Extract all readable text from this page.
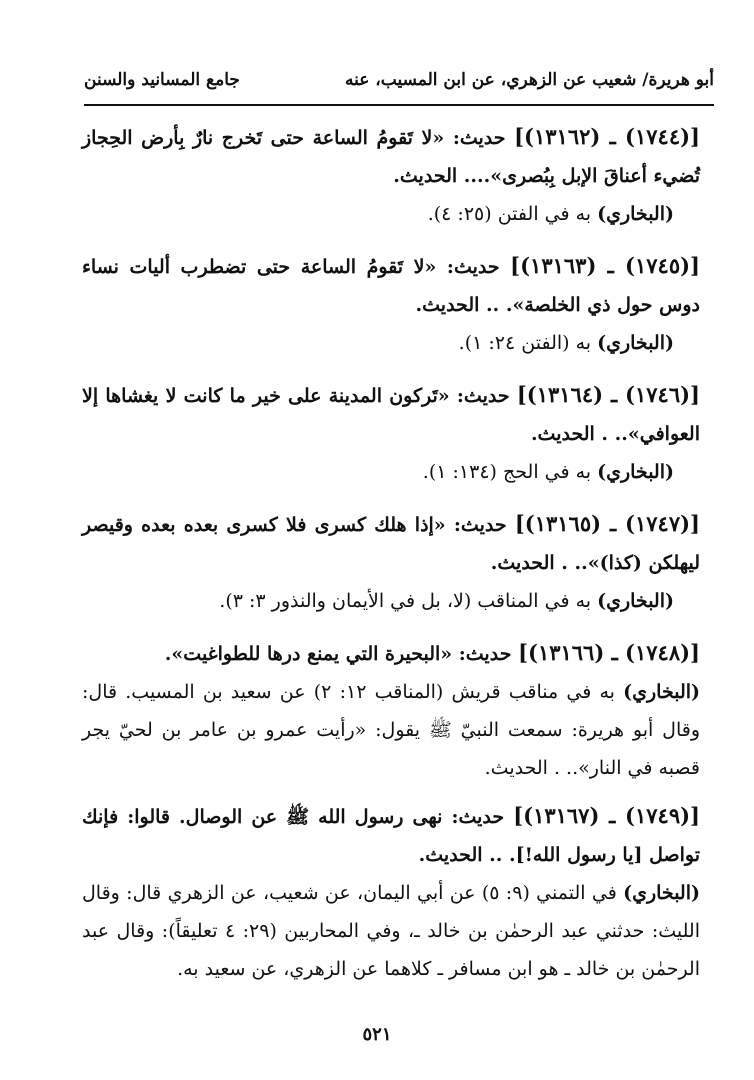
أبو هريرة/ شعيب عن الزهري، عن ابن المسيب، عنه
جامع المسانيد والسنن

[(١٧٤٤) ـ (١٣١٦٢)] حديث: «لا تَقومُ الساعة حتى تَخرج نارٌ بِأرض الحِجاز تُضيء أعناقَ الإبل بِبُصرى».... الحديث.

(البخاري) به في الفتن (٢٥: ٤).

[(١٧٤٥) ـ (١٣١٦٣)] حديث: «لا تَقومُ الساعة حتى تضطرب أليات نساء دوس حول ذي الخلصة». .. الحديث.

(البخاري) به (الفتن ٢٤: ١).

[(١٧٤٦) ـ (١٣١٦٤)] حديث: «تَركون المدينة على خير ما كانت لا يغشاها إلا العوافي».. . الحديث.

(البخاري) به في الحج (١٣٤: ١).

[(١٧٤٧) ـ (١٣١٦٥)] حديث: «إذا هلك كسرى فلا كسرى بعده بعده وقيصر ليهلكن (كذا)».. . الحديث.

(البخاري) به في المناقب (لا، بل في الأيمان والنذور ٣: ٣).

[(١٧٤٨) ـ (١٣١٦٦)] حديث: «البحيرة التي يمنع درها للطواغيت».

(البخاري) به في مناقب قريش (المناقب ١٢: ٢) عن سعيد بن المسيب. قال: وقال أبو هريرة: سمعت النبيّ ﷺ يقول: «رأيت عمرو بن عامر بن لحيّ يجر قصبه في النار».. . الحديث.

[(١٧٤٩) ـ (١٣١٦٧)] حديث: نهى رسول الله ﷺ عن الوصال. قالوا: فإنك تواصل [يا رسول الله!]. .. الحديث.

(البخاري) في التمني (٩: ٥) عن أبي اليمان، عن شعيب، عن الزهري قال: وقال الليث: حدثني عبد الرحمٰن بن خالد ـ، وفي المحاربين (٢٩: ٤ تعليقاً): وقال عبد الرحمٰن بن خالد ـ هو ابن مسافر ـ كلاهما عن الزهري، عن سعيد به.

٥٢١
